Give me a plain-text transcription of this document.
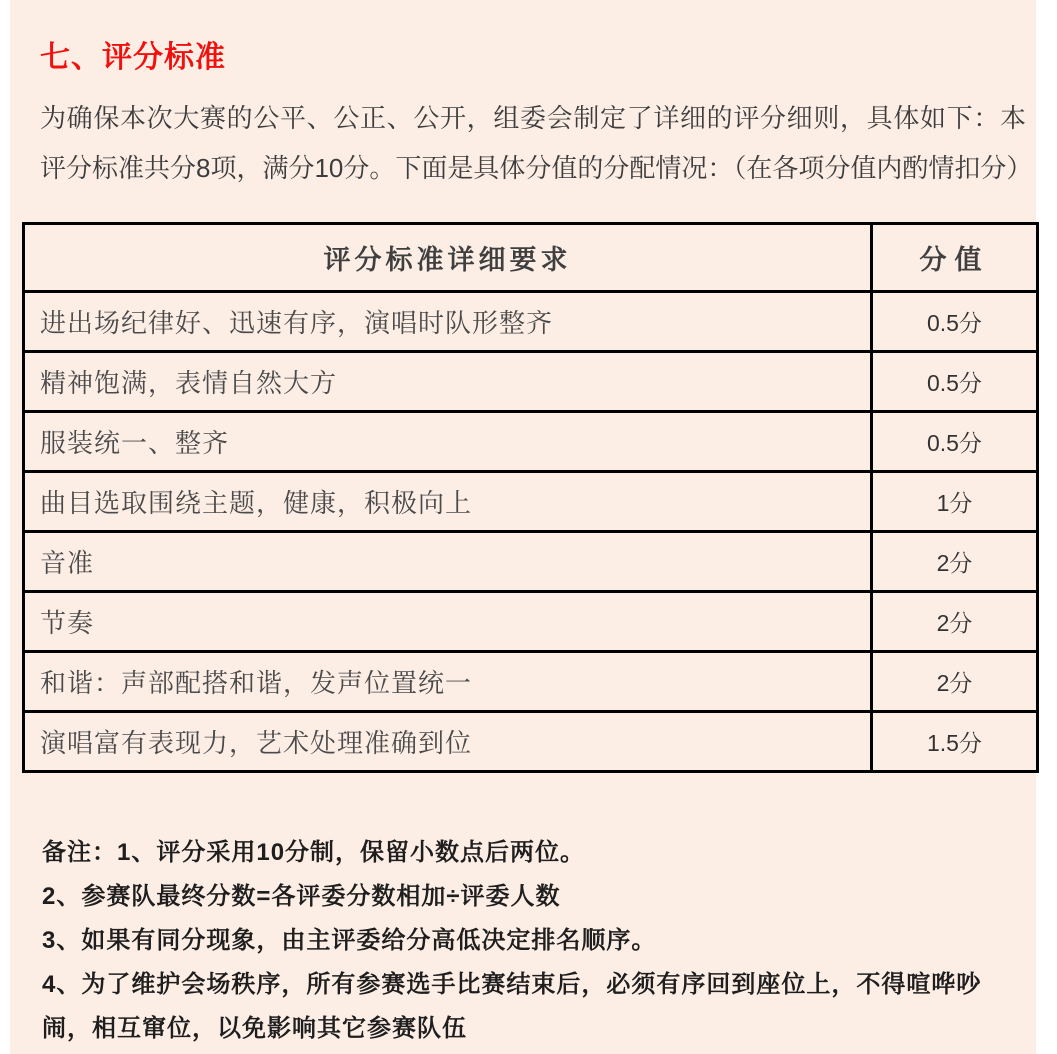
七、评分标准

为确保本次大赛的公平、公正、公开，组委会制定了详细的评分细则，具体如下：本评分标准共分8项，满分10分。下面是具体分值的分配情况：（在各项分值内酌情扣分）

评分标准详细要求	分值
进出场纪律好、迅速有序，演唱时队形整齐	0.5分
精神饱满，表情自然大方	0.5分
服装统一、整齐	0.5分
曲目选取围绕主题，健康，积极向上	1分
音准	2分
节奏	2分
和谐：声部配搭和谐，发声位置统一	2分
演唱富有表现力，艺术处理准确到位	1.5分

备注：1、评分采用10分制，保留小数点后两位。

2、参赛队最终分数=各评委分数相加÷评委人数

3、如果有同分现象，由主评委给分高低决定排名顺序。

4、为了维护会场秩序，所有参赛选手比赛结束后，必须有序回到座位上，不得喧哗吵闹，相互窜位，以免影响其它参赛队伍
